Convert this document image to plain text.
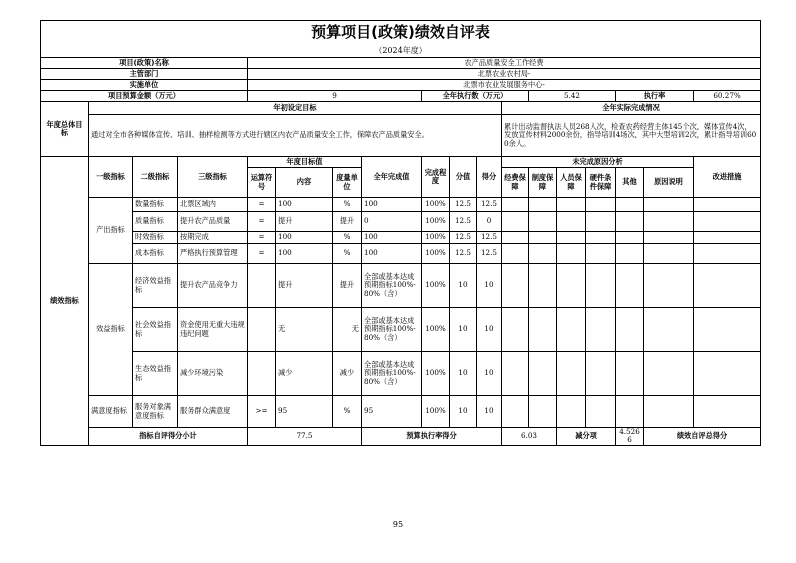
预算项目(政策)绩效自评表																		
（2024年度）																		
项目(政策)名称				农产品质量安全工作经费														
主管部门				北票农业农村局-														
实施单位				北票市农业发展服务中心-														
项目预算金额（万元）				9				全年执行数（万元）				5.42			执行率		60.27%	
年度总体目标	年初设定目标										全年实际完成情况							
	通过对全市各种媒体宣传、培训、抽样检测等方式进行辖区内农产品质量安全工作，保障农产品质量安全。										累计出动监督执法人员268人次，检查农药经营主体145个次，媒体宣传4次，发放宣传材料2000余份，指导培训4场次，其中大型培训2次，累计指导培训600余人。							
绩效指标	一级指标	二级指标	三级指标	年度目标值			全年完成值	完成程度	分值	得分	未完成原因分析						改进措施	
				运算符号	内容	度量单位					经费保障	制度保障	人员保障	硬件条件保障	其他	原因说明		
	产出指标	数量指标	北票区域内	=	100	%	100	100%	12.5	12.5								
		质量指标	提升农产品质量	=	提升	提升	0	100%	12.5	0								
		时效指标	按期完成	=	100	%	100	100%	12.5	12.5								
		成本指标	严格执行预算管理	=	100	%	100	100%	12.5	12.5								
	效益指标	经济效益指标	提升农产品竞争力		提升	提升	全部或基本达成预期指标100%-80%（含）	100%	10	10								
		社会效益指标	资金使用无重大违规违纪问题		无	无	全部或基本达成预期指标100%-80%（含）	100%	10	10								
		生态效益指标	减少环境污染		减少	减少	全部或基本达成预期指标100%-80%（含）	100%	10	10								
	满意度指标	服务对象满意度指标	服务群众满意度	>=	95	%	95	100%	10	10								
	指标自评得分小计			77.5			预算执行率得分				6.03		减分项		4.5266	绩效自评总得分	
95
